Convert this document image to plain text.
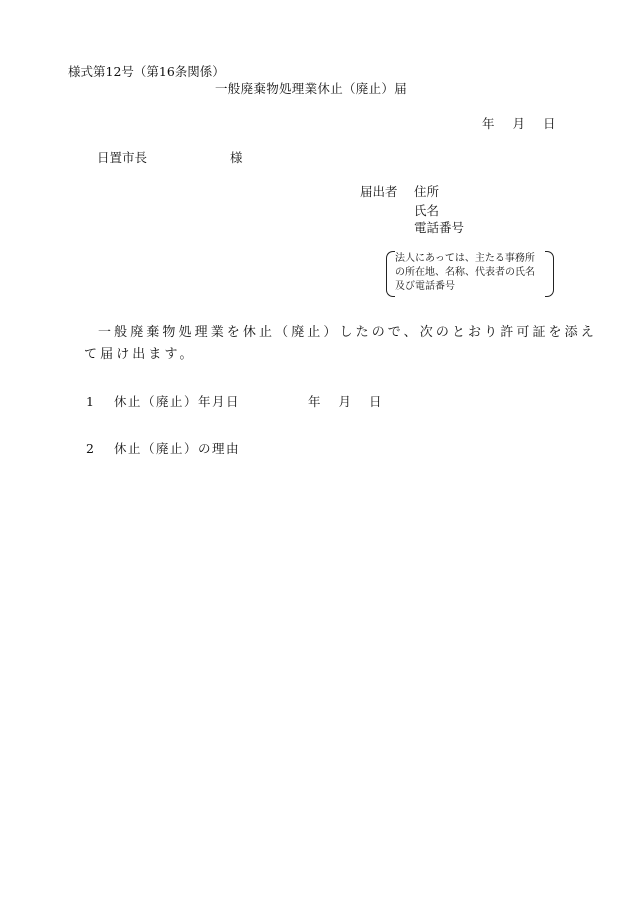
様式第12号（第16条関係）
一般廃棄物処理業休止（廃止）届
年 月 日
日置市長	様
届出者 住所
氏名
電話番号
法人にあっては、主たる事務所
の所在地、名称、代表者の氏名
及び電話番号
一般廃棄物処理業を休止（廃止）したので、次のとおり許可証を添え
て届け出ます。
1 休止（廃止）年月日	年 月 日
2 休止（廃止）の理由
